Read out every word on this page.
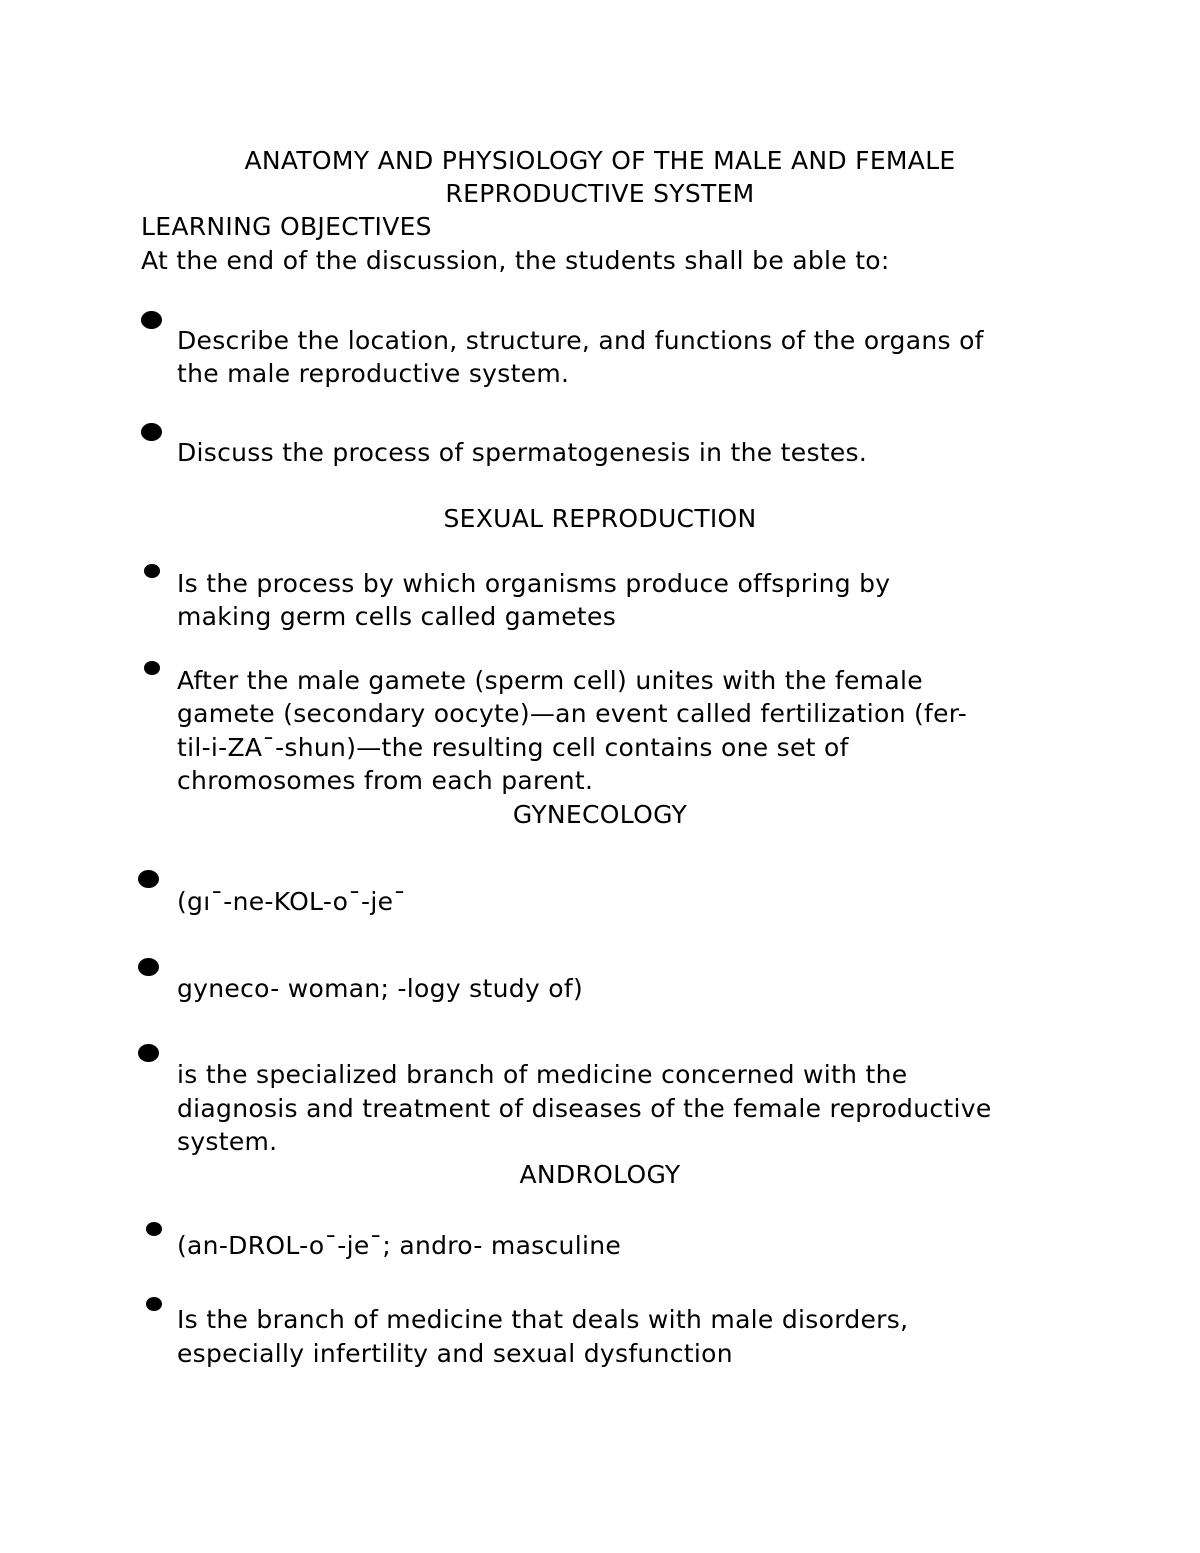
ANATOMY AND PHYSIOLOGY OF THE MALE AND FEMALE
REPRODUCTIVE SYSTEM
LEARNING OBJECTIVES
At the end of the discussion, the students shall be able to:
Describe the location, structure, and functions of the organs of
the male reproductive system.
Discuss the process of spermatogenesis in the testes.
SEXUAL REPRODUCTION
Is the process by which organisms produce offspring by
making germ cells called gametes
After the male gamete (sperm cell) unites with the female
gamete (secondary oocyte)—an event called fertilization (fer-
til-i-ZA¯-shun)—the resulting cell contains one set of
chromosomes from each parent.
GYNECOLOGY
(gı¯-ne-KOL-o¯-je¯
gyneco- woman; -logy study of)
is the specialized branch of medicine concerned with the
diagnosis and treatment of diseases of the female reproductive
system.
ANDROLOGY
(an-DROL-o¯-je¯; andro- masculine
Is the branch of medicine that deals with male disorders,
especially infertility and sexual dysfunction
